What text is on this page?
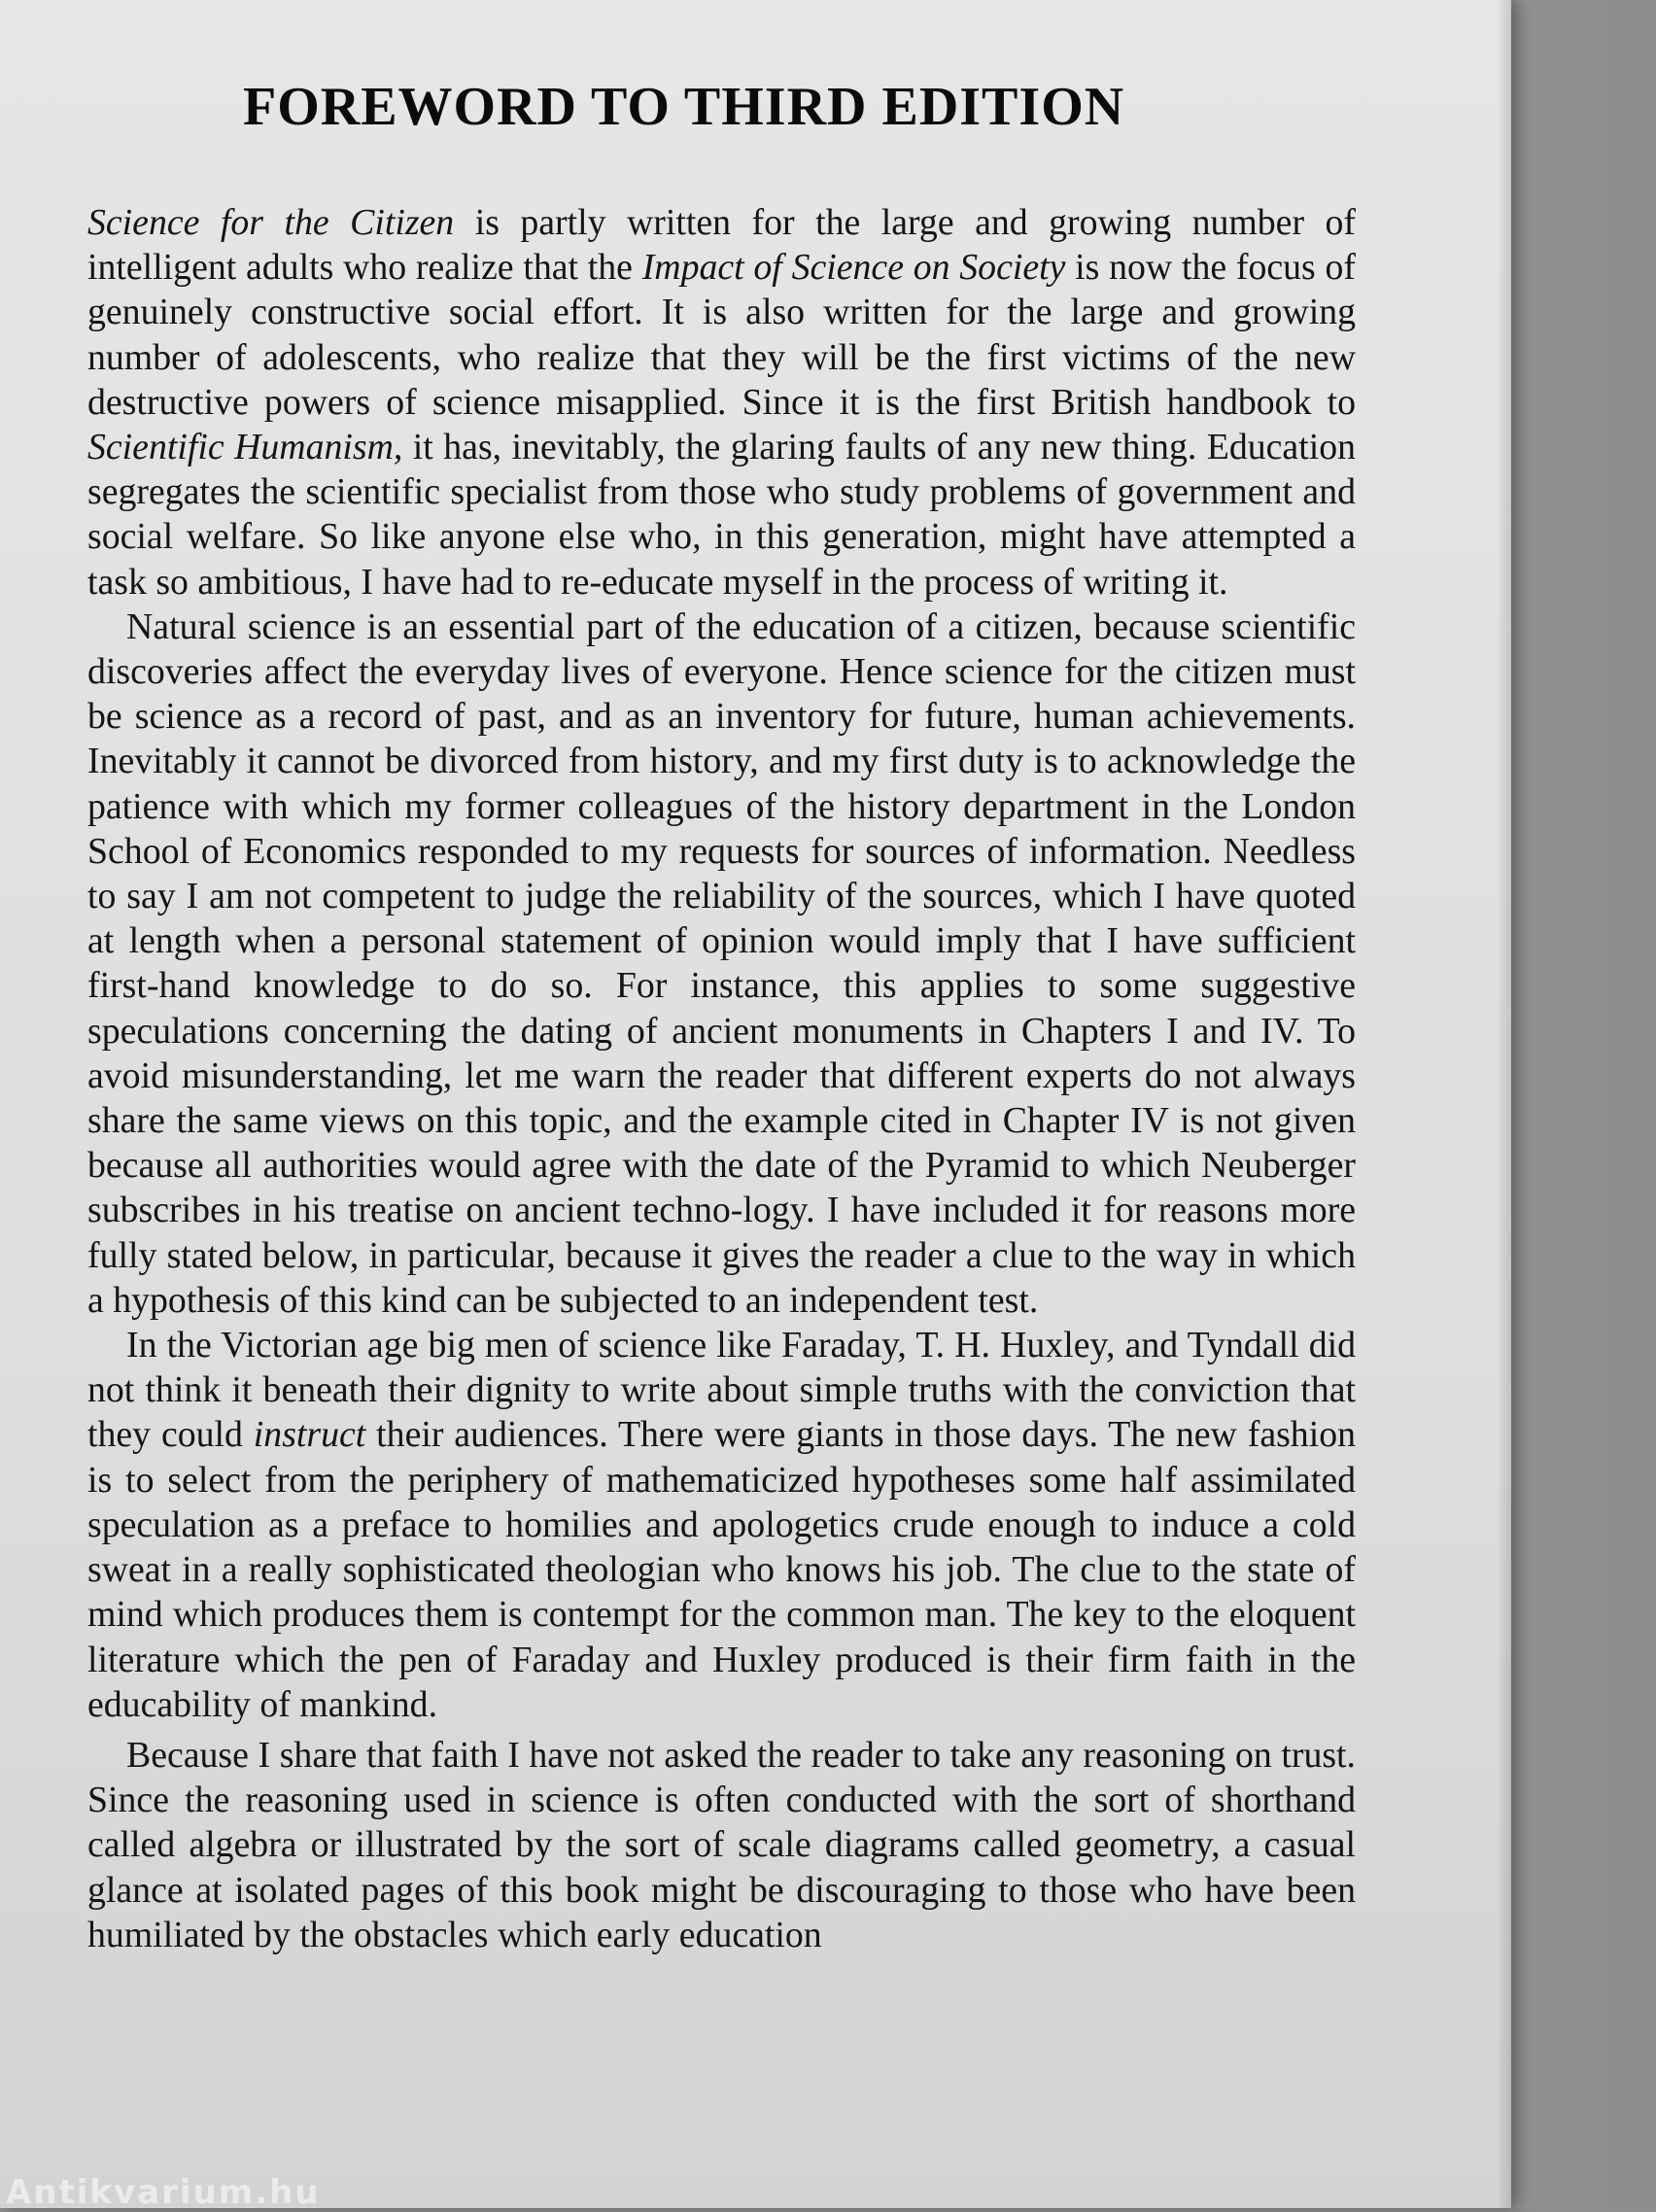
FOREWORD TO THIRD EDITION

Science for the Citizen is partly written for the large and growing number of intelligent adults who realize that the Impact of Science on Society is now the focus of genuinely constructive social effort. It is also written for the large and growing number of adolescents, who realize that they will be the first victims of the new destructive powers of science misapplied. Since it is the first British handbook to Scientific Humanism, it has, inevitably, the glaring faults of any new thing. Education segregates the scientific specialist from those who study problems of government and social welfare. So like anyone else who, in this generation, might have attempted a task so ambitious, I have had to re-educate myself in the process of writing it.

Natural science is an essential part of the education of a citizen, because scientific discoveries affect the everyday lives of everyone. Hence science for the citizen must be science as a record of past, and as an inventory for future, human achievements. Inevitably it cannot be divorced from history, and my first duty is to acknowledge the patience with which my former colleagues of the history department in the London School of Economics responded to my requests for sources of information. Needless to say I am not competent to judge the reliability of the sources, which I have quoted at length when a personal statement of opinion would imply that I have sufficient first-hand knowledge to do so. For instance, this applies to some suggestive speculations concerning the dating of ancient monuments in Chapters I and IV. To avoid misunderstanding, let me warn the reader that different experts do not always share the same views on this topic, and the example cited in Chapter IV is not given because all authorities would agree with the date of the Pyramid to which Neuberger subscribes in his treatise on ancient techno-logy. I have included it for reasons more fully stated below, in particular, because it gives the reader a clue to the way in which a hypothesis of this kind can be subjected to an independent test.

In the Victorian age big men of science like Faraday, T. H. Huxley, and Tyndall did not think it beneath their dignity to write about simple truths with the conviction that they could instruct their audiences. There were giants in those days. The new fashion is to select from the periphery of mathematicized hypotheses some half assimilated speculation as a preface to homilies and apologetics crude enough to induce a cold sweat in a really sophisticated theologian who knows his job. The clue to the state of mind which produces them is contempt for the common man. The key to the eloquent literature which the pen of Faraday and Huxley produced is their firm faith in the educability of mankind.

Because I share that faith I have not asked the reader to take any reasoning on trust. Since the reasoning used in science is often conducted with the sort of shorthand called algebra or illustrated by the sort of scale diagrams called geometry, a casual glance at isolated pages of this book might be discouraging to those who have been humiliated by the obstacles which early education

Antikvarium.hu
